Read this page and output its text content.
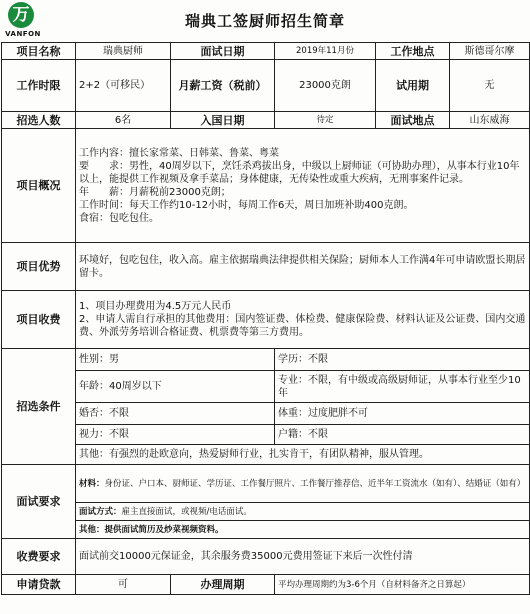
万
VANFON
瑞典工签厨师招生简章
项目名称	瑞典厨师	面试日期	2019年11月份	工作地点	斯德哥尔摩
工作时限	2+2（可移民）	月薪工资（税前）	23000克朗	试用期	无
招选人数	6名	入国日期	待定	面试地点	山东威海
项目概况	工作内容：擅长家常菜、日韩菜、鲁菜、粤菜
要　　求：男性，40周岁以下，烹饪杀鸡拔出身，中级以上厨师证（可协助办理），从事本行业10年以上，能提供工作视频及拿手菜品；身体健康，无传染性或重大疾病，无刑事案件记录。
年　　薪：月薪税前23000克朗；
工作时间：每天工作约10-12小时，每周工作6天，周日加班补助400克朗。
食宿：包吃包住。				

项目优势	环境好，包吃包住，收入高。雇主依据瑞典法律提供相关保险；厨师本人工作满4年可申请欧盟长期居留卡。				
项目收费	1、项目办理费用为4.5万元人民币
2、申请人需自行承担的其他费用：国内签证费、体检费、健康保险费、材料认证及公证费、国内交通费、外派劳务培训合格证费、机票费等第三方费用。				

招选条件	性别：男		学历：不限		
	年龄：40周岁以下		专业：不限，有中级或高级厨师证，从事本行业至少10年		
	婚否：不限		体重：过度肥胖不可		
	视力：不限		户籍：不限		
	其他：有强烈的赴欧意向，热爱厨师行业，扎实肯干，有团队精神，服从管理。				
面试要求	材料：身份证、户口本、厨师证、学历证、工作餐厅照片、工作餐厅推荐信、近半年工资流水（如有）、结婚证（如有）				
	面试方式：雇主直接面试，或视频/电话面试。				
	其他：提供面试简历及炒菜视频资料。				
收费要求	面试前交10000元保证金，其余服务费35000元费用签证下来后一次性付清				
申请贷款	可	办理周期	平均办理周期约为3-6个月（自材料备齐之日算起）		
